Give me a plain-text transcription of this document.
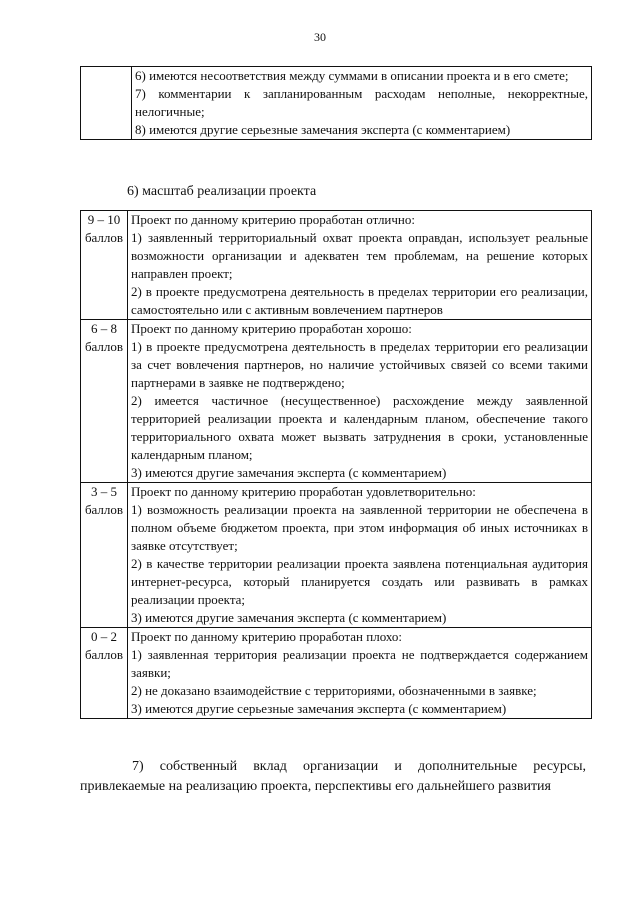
30

6) имеются несоответствия между суммами в описании проекта и в его смете;
7) комментарии к запланированным расходам неполные, некорректные, нелогичные;
8) имеются другие серьезные замечания эксперта (с комментарием)
6) масштаб реализации проекта
9 – 10
баллов	Проект по данному критерию проработан отлично:
1) заявленный территориальный охват проекта оправдан, использует реальные возможности организации и адекватен тем проблемам, на решение которых направлен проект;
2) в проекте предусмотрена деятельность в пределах территории его реализации, самостоятельно или с активным вовлечением партнеров

6 – 8
баллов	Проект по данному критерию проработан хорошо:
1) в проекте предусмотрена деятельность в пределах территории его реализации за счет вовлечения партнеров, но наличие устойчивых связей со всеми такими партнерами в заявке не подтверждено;
2) имеется частичное (несущественное) расхождение между заявленной территорией реализации проекта и календарным планом, обеспечение такого территориального охвата может вызвать затруднения в сроки, установленные календарным планом;
3) имеются другие замечания эксперта (с комментарием)

3 – 5
баллов	Проект по данному критерию проработан удовлетворительно:
1) возможность реализации проекта на заявленной территории не обеспечена в полном объеме бюджетом проекта, при этом информация об иных источниках в заявке отсутствует;
2) в качестве территории реализации проекта заявлена потенциальная аудитория интернет-ресурса, который планируется создать или развивать в рамках реализации проекта;
3) имеются другие замечания эксперта (с комментарием)

0 – 2
баллов	Проект по данному критерию проработан плохо:
1) заявленная территория реализации проекта не подтверждается содержанием заявки;
2) не доказано взаимодействие с территориями, обозначенными в заявке;
3) имеются другие серьезные замечания эксперта (с комментарием)

7) собственный вклад организации и дополнительные ресурсы, привлекаемые на реализацию проекта, перспективы его дальнейшего развития
